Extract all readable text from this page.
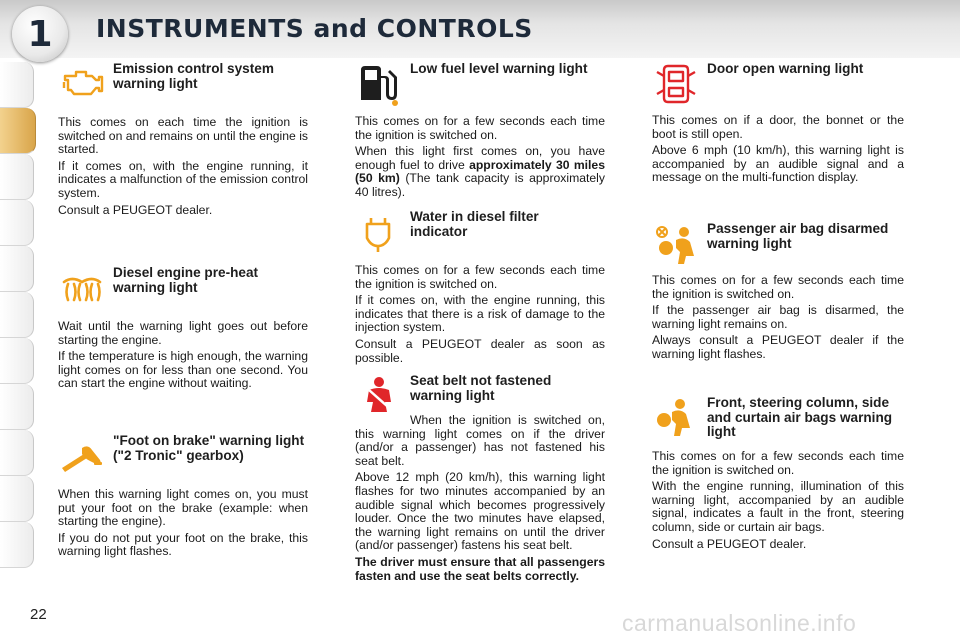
1 INSTRUMENTS and CONTROLS
Emission control system warning light

This comes on each time the ignition is switched on and remains on until the engine is started.

If it comes on, with the engine running, it indicates a malfunction of the emission control system.

Consult a PEUGEOT dealer.

Diesel engine pre-heat warning light

Wait until the warning light goes out before starting the engine.

If the temperature is high enough, the warning light comes on for less than one second. You can start the engine without waiting.

"Foot on brake" warning light ("2 Tronic" gearbox)

When this warning light comes on, you must put your foot on the brake (example: when starting the engine).

If you do not put your foot on the brake, this warning light flashes.

Low fuel level warning light

This comes on for a few seconds each time the ignition is switched on.

When this light first comes on, you have enough fuel to drive approximately 30 miles (50 km) (The tank capacity is approximately 40 litres).

Water in diesel filter indicator

This comes on for a few seconds each time the ignition is switched on.

If it comes on, with the engine running, this indicates that there is a risk of damage to the injection system.

Consult a PEUGEOT dealer as soon as possible.

Seat belt not fastened warning light

When the ignition is switched on, this warning light comes on if the driver (and/or a passenger) has not fastened his seat belt.

Above 12 mph (20 km/h), this warning light flashes for two minutes accompanied by an audible signal which becomes progressively louder. Once the two minutes have elapsed, the warning light remains on until the driver (and/or passenger) fastens his seat belt.

The driver must ensure that all passengers fasten and use the seat belts correctly.

Door open warning light

This comes on if a door, the bonnet or the boot is still open.

Above 6 mph (10 km/h), this warning light is accompanied by an audible signal and a message on the multi-function display.

Passenger air bag disarmed warning light

This comes on for a few seconds each time the ignition is switched on.

If the passenger air bag is disarmed, the warning light remains on.

Always consult a PEUGEOT dealer if the warning light flashes.

Front, steering column, side and curtain air bags warning light

This comes on for a few seconds each time the ignition is switched on.

With the engine running, illumination of this warning light, accompanied by an audible signal, indicates a fault in the front, steering column, side or curtain air bags.

Consult a PEUGEOT dealer.

22	carmanualsonline.info
